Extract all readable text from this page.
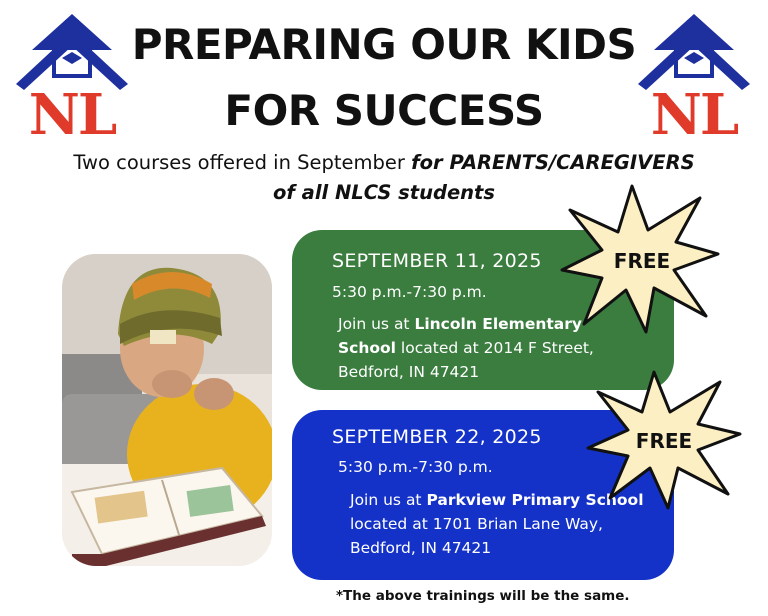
NL
PREPARING OUR KIDS
FOR SUCCESS	NL

Two courses offered in September for PARENTS/CAREGIVERS
of all NLCS students

SEPTEMBER 11, 2025
5:30 p.m.-7:30 p.m.
Join us at Lincoln Elementary School located at 2014 F Street, Bedford, IN 47421
FREE
SEPTEMBER 22, 2025
5:30 p.m.-7:30 p.m.
Join us at Parkview Primary School located at 1701 Brian Lane Way, Bedford, IN 47421
FREE

*The above trainings will be the same.
